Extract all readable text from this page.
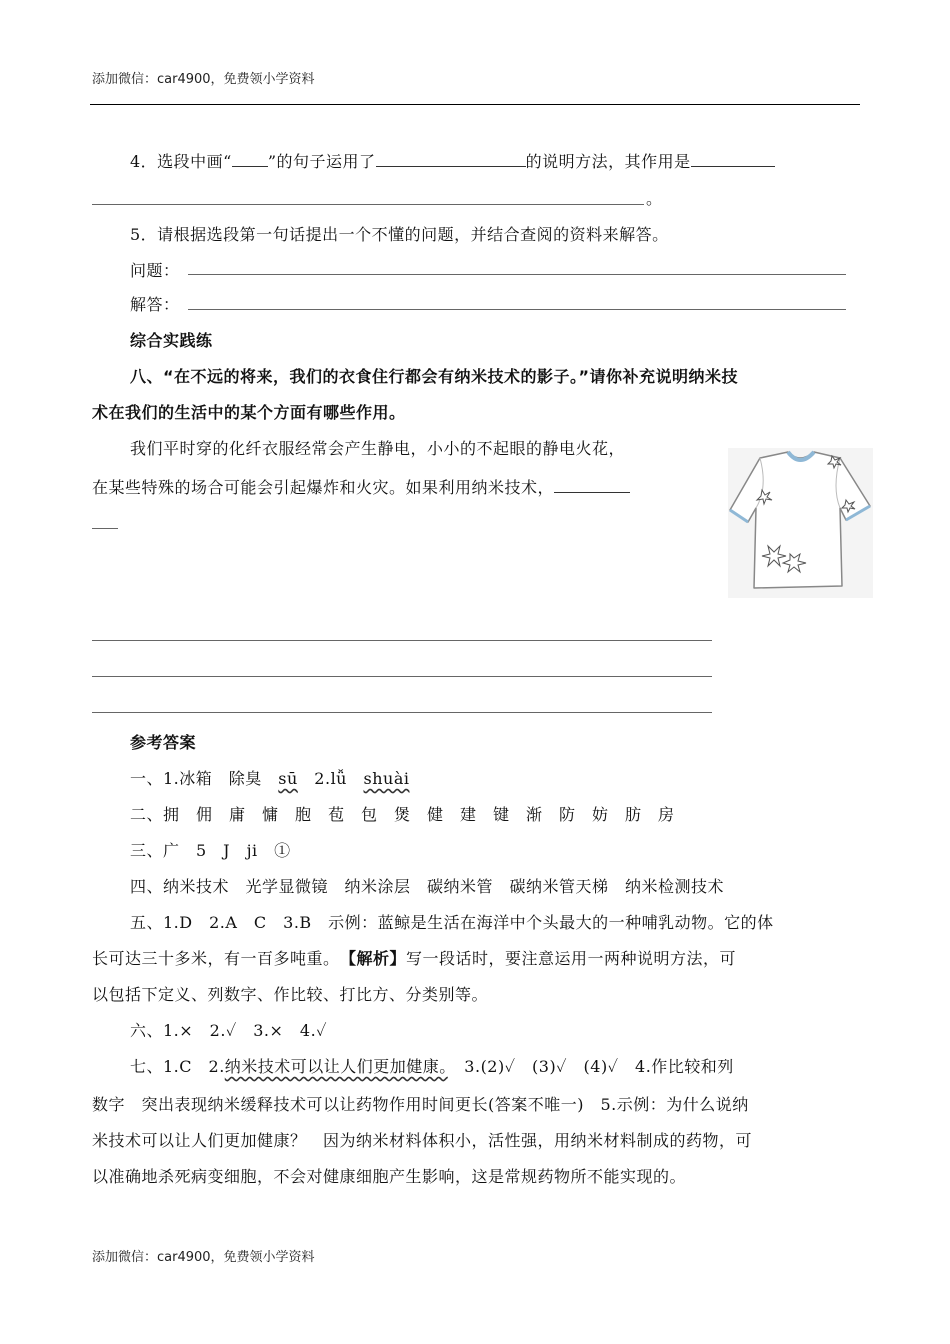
添加微信：car4900，免费领小学资料
4．选段中画“ ”的句子运用了	的说明方法，其作用是
。
5．请根据选段第一句话提出一个不懂的问题，并结合查阅的资料来解答。
问题：
解答：
综合实践练
八、“在不远的将来，我们的衣食住行都会有纳米技术的影子。”请你补充说明纳米技
术在我们的生活中的某个方面有哪些作用。
我们平时穿的化纤衣服经常会产生静电，小小的不起眼的静电火花，
在某些特殊的场合可能会引起爆炸和火灾。如果利用纳米技术，
参考答案
一、1.冰箱　除臭　sū　2.lǚ　shuài
二、拥　佣　庸　慵　胞　苞　包　煲　健　建　键　渐　防　妨　肪　房
三、广　5　J　ji　①
四、纳米技术　光学显微镜　纳米涂层　碳纳米管　碳纳米管天梯　纳米检测技术
五、1.D　2.A　C　3.B　示例：蓝鲸是生活在海洋中个头最大的一种哺乳动物。它的体
长可达三十多米，有一百多吨重。　【解析】写一段话时，要注意运用一两种说明方法，可
以包括下定义、列数字、作比较、打比方、分类别等。
六、1.×　2.✓　3.×　4.✓
七、1.C　2.纳米技术可以让人们更加健康。　3.(2)✓　(3)✓　(4)✓　4.作比较和列
数字　突出表现纳米缓释技术可以让药物作用时间更长(答案不唯一)　5.示例：为什么说纳
米技术可以让人们更加健康？　因为纳米材料体积小，活性强，用纳米材料制成的药物，可
以准确地杀死病变细胞，不会对健康细胞产生影响，这是常规药物所不能实现的。
添加微信：car4900，免费领小学资料
